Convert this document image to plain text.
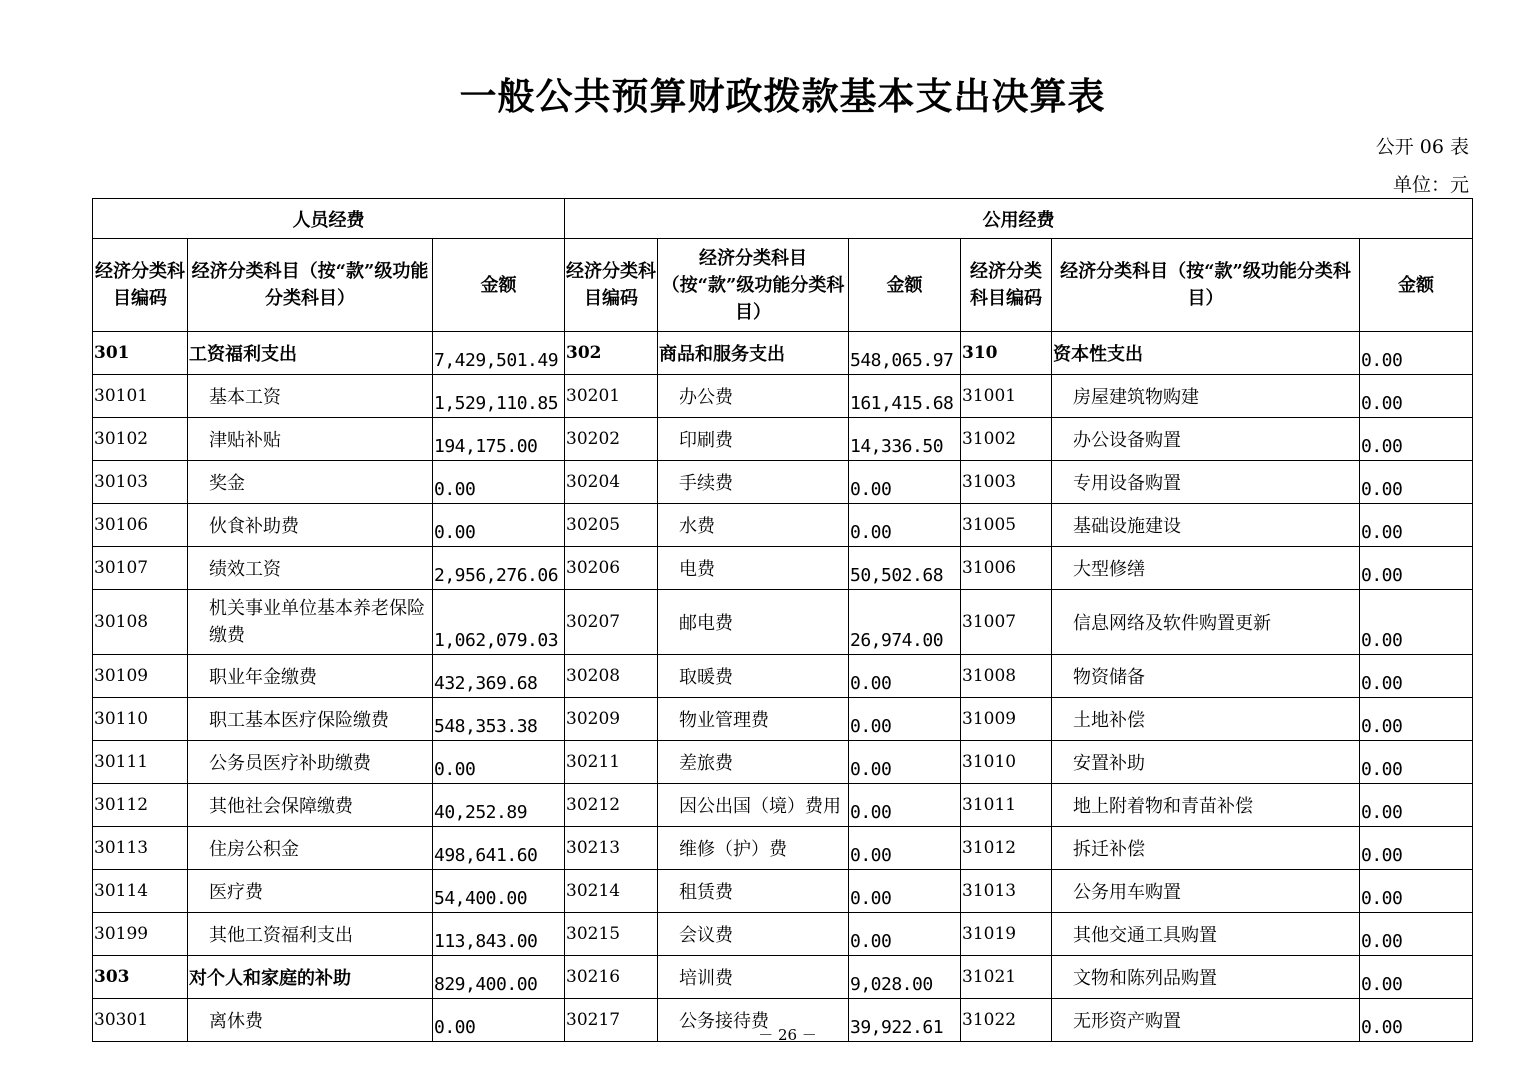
一般公共预算财政拨款基本支出决算表
公开 06 表
单位：元
人员经费			公用经费					
经济分类科目编码	经济分类科目（按“款”级功能分类科目）	金额	经济分类科目编码	经济分类科目（按“款”级功能分类科目）	金额	经济分类科目编码	经济分类科目（按“款”级功能分类科目）	金额
301	工资福利支出	7,429,501.49	302	商品和服务支出	548,065.97	310	资本性支出	0.00
30101	基本工资	1,529,110.85	30201	办公费	161,415.68	31001	房屋建筑物购建	0.00
30102	津贴补贴	194,175.00	30202	印刷费	14,336.50	31002	办公设备购置	0.00
30103	奖金	0.00	30204	手续费	0.00	31003	专用设备购置	0.00
30106	伙食补助费	0.00	30205	水费	0.00	31005	基础设施建设	0.00
30107	绩效工资	2,956,276.06	30206	电费	50,502.68	31006	大型修缮	0.00
30108	机关事业单位基本养老保险缴费	1,062,079.03	30207	邮电费	26,974.00	31007	信息网络及软件购置更新	0.00
30109	职业年金缴费	432,369.68	30208	取暖费	0.00	31008	物资储备	0.00
30110	职工基本医疗保险缴费	548,353.38	30209	物业管理费	0.00	31009	土地补偿	0.00
30111	公务员医疗补助缴费	0.00	30211	差旅费	0.00	31010	安置补助	0.00
30112	其他社会保障缴费	40,252.89	30212	因公出国（境）费用	0.00	31011	地上附着物和青苗补偿	0.00
30113	住房公积金	498,641.60	30213	维修（护）费	0.00	31012	拆迁补偿	0.00
30114	医疗费	54,400.00	30214	租赁费	0.00	31013	公务用车购置	0.00
30199	其他工资福利支出	113,843.00	30215	会议费	0.00	31019	其他交通工具购置	0.00
303	对个人和家庭的补助	829,400.00	30216	培训费	9,028.00	31021	文物和陈列品购置	0.00
30301	离休费	0.00	30217	公务接待费	39,922.61	31022	无形资产购置	0.00
－ 26 －
